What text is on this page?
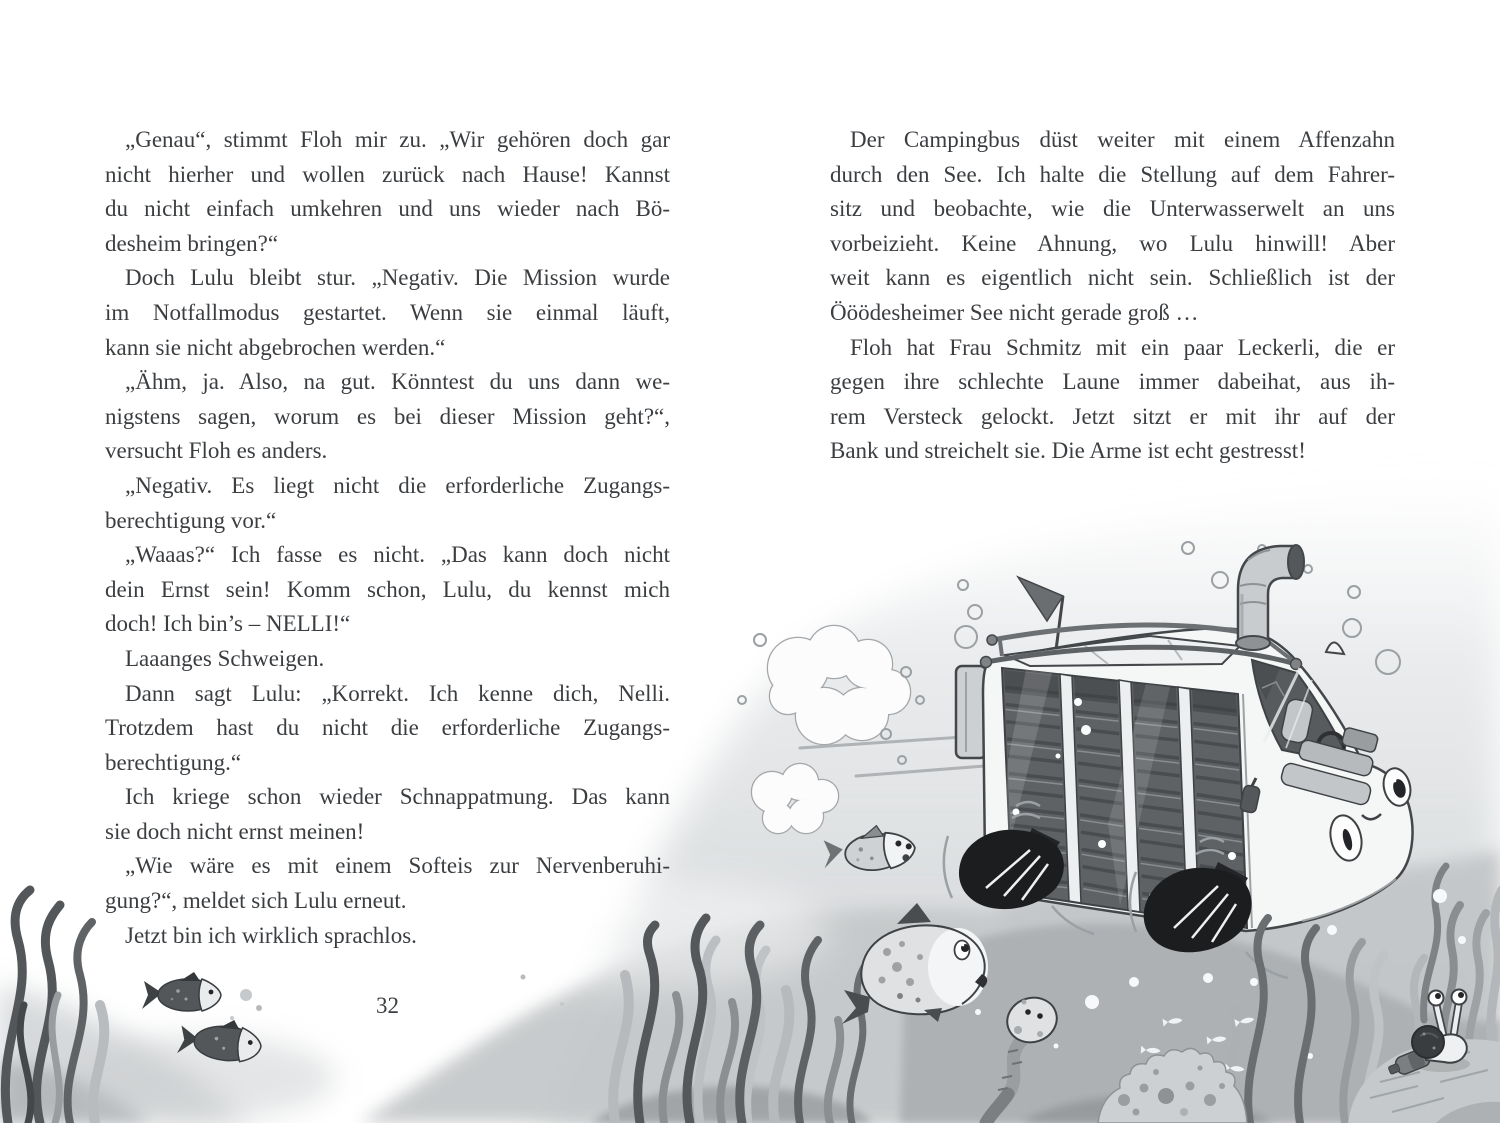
„Genau“, stimmt Floh mir zu. „Wir gehören doch gar
nicht hierher und wollen zurück nach Hause! Kannst
du nicht einfach umkehren und uns wieder nach Bö-
desheim bringen?“
Doch Lulu bleibt stur. „Negativ. Die Mission wurde
im Notfallmodus gestartet. Wenn sie einmal läuft,
kann sie nicht abgebrochen werden.“
„Ähm, ja. Also, na gut. Könntest du uns dann we-
nigstens sagen, worum es bei dieser Mission geht?“,
versucht Floh es anders.
„Negativ. Es liegt nicht die erforderliche Zugangs-
berechtigung vor.“
„Waaas?“ Ich fasse es nicht. „Das kann doch nicht
dein Ernst sein! Komm schon, Lulu, du kennst mich
doch! Ich bin’s – NELLI!“
Laaanges Schweigen.
Dann sagt Lulu: „Korrekt. Ich kenne dich, Nelli.
Trotzdem hast du nicht die erforderliche Zugangs-
berechtigung.“
Ich kriege schon wieder Schnappatmung. Das kann
sie doch nicht ernst meinen!
„Wie wäre es mit einem Softeis zur Nervenberuhi-
gung?“, meldet sich Lulu erneut.
Jetzt bin ich wirklich sprachlos.
Der Campingbus düst weiter mit einem Affenzahn
durch den See. Ich halte die Stellung auf dem Fahrer-
sitz und beobachte, wie die Unterwasserwelt an uns
vorbeizieht. Keine Ahnung, wo Lulu hinwill! Aber
weit kann es eigentlich nicht sein. Schließlich ist der
Ööödesheimer See nicht gerade groß …
Floh hat Frau Schmitz mit ein paar Leckerli, die er
gegen ihre schlechte Laune immer dabeihat, aus ih-
rem Versteck gelockt. Jetzt sitzt er mit ihr auf der
Bank und streichelt sie. Die Arme ist echt gestresst!
32
